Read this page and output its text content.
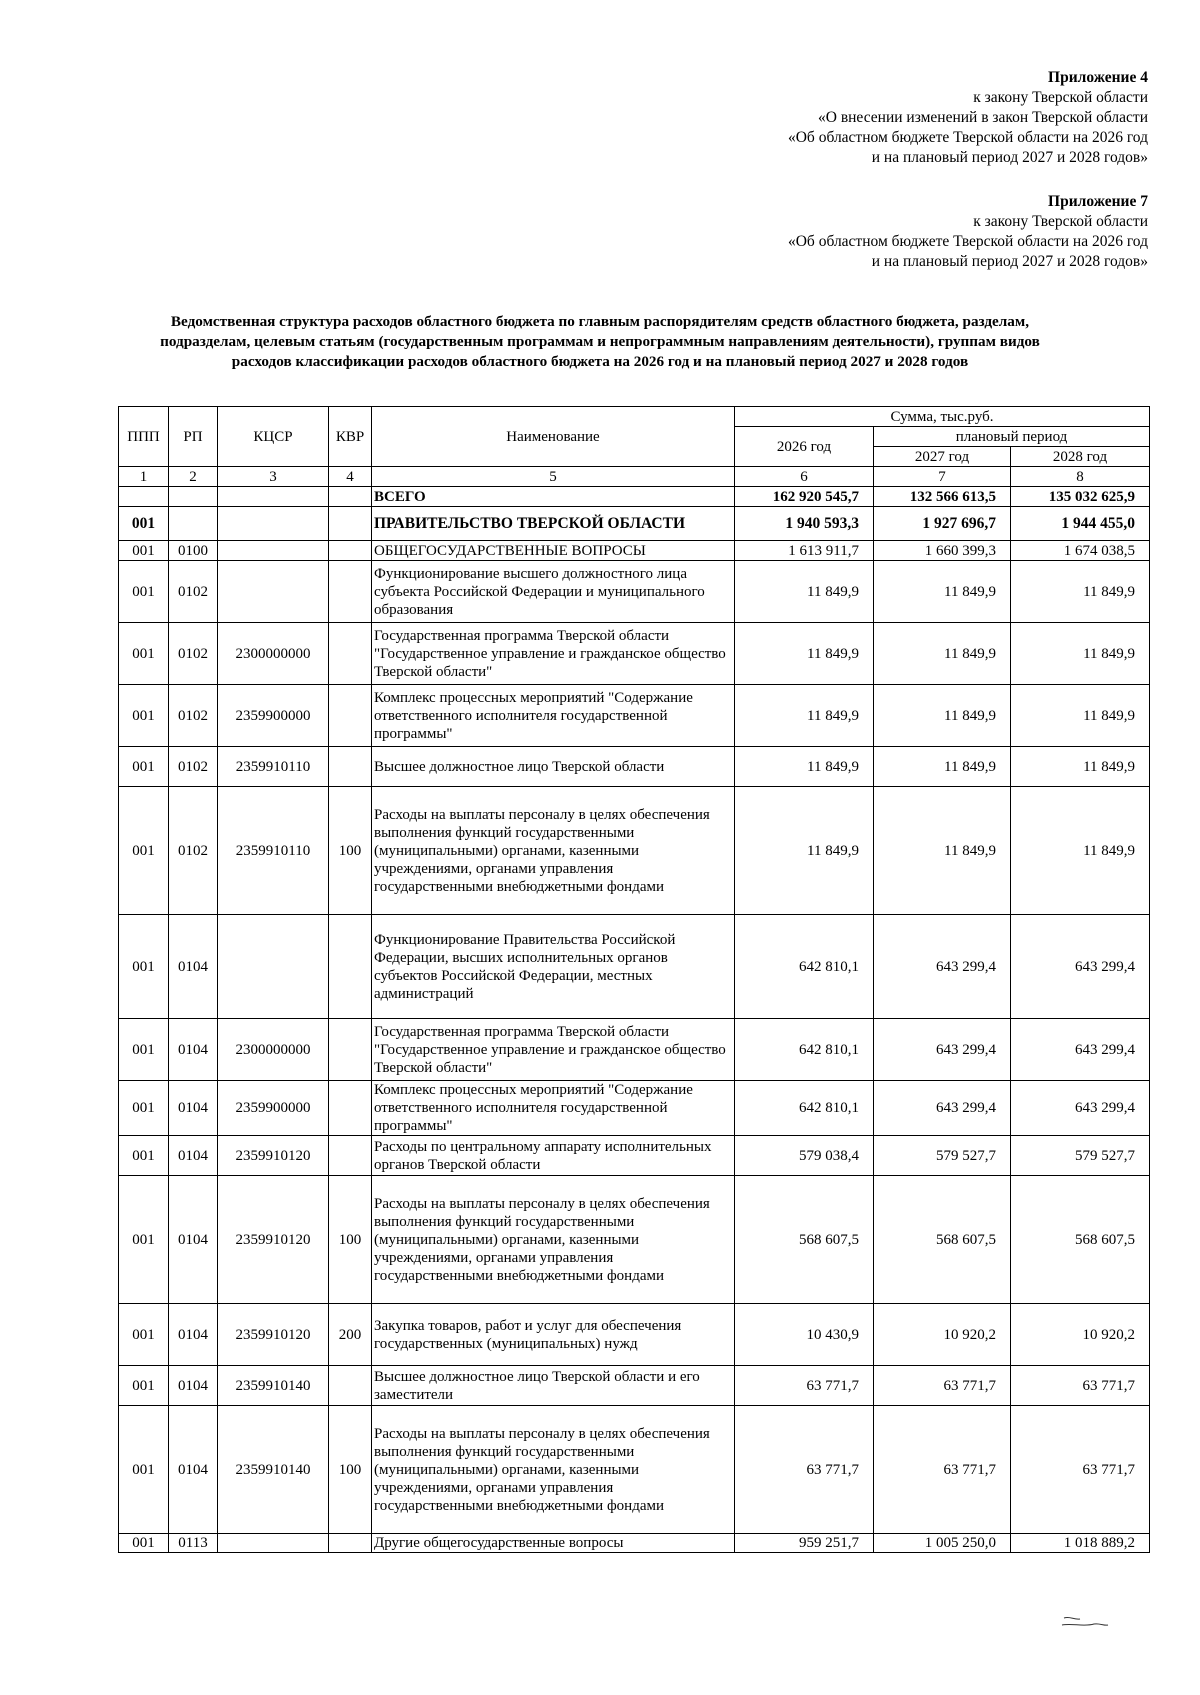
Приложение 4
к закону Тверской области
«О внесении изменений в закон Тверской области
«Об областном бюджете Тверской области на 2026 год
и на плановый период 2027 и 2028 годов»
Приложение 7
к закону Тверской области
«Об областном бюджете Тверской области на 2026 год
и на плановый период 2027 и 2028 годов»
Ведомственная структура расходов областного бюджета по главным распорядителям средств областного бюджета, разделам,
подразделам, целевым статьям (государственным программам и непрограммным направлениям деятельности), группам видов
расходов классификации расходов областного бюджета на 2026 год и на плановый период 2027 и 2028 годов
ППП	РП	КЦСР	КВР	Наименование	Сумма, тыс.руб.		
					2026 год	плановый период	
						2027 год	2028 год
1	2	3	4	5	6	7	8
				ВСЕГО	162 920 545,7	132 566 613,5	135 032 625,9
001				ПРАВИТЕЛЬСТВО ТВЕРСКОЙ ОБЛАСТИ	1 940 593,3	1 927 696,7	1 944 455,0
001	0100			ОБЩЕГОСУДАРСТВЕННЫЕ ВОПРОСЫ	1 613 911,7	1 660 399,3	1 674 038,5
001	0102			Функционирование высшего должностного лица субъекта Российской Федерации и муниципального образования	11 849,9	11 849,9	11 849,9
001	0102	2300000000		Государственная программа Тверской области "Государственное управление и гражданское общество Тверской области"	11 849,9	11 849,9	11 849,9
001	0102	2359900000		Комплекс процессных мероприятий "Содержание ответственного исполнителя государственной программы"	11 849,9	11 849,9	11 849,9
001	0102	2359910110		Высшее должностное лицо Тверской области	11 849,9	11 849,9	11 849,9
001	0102	2359910110	100	Расходы на выплаты персоналу в целях обеспечения выполнения функций государственными (муниципальными) органами, казенными учреждениями, органами управления государственными внебюджетными фондами	11 849,9	11 849,9	11 849,9
001	0104			Функционирование Правительства Российской Федерации, высших исполнительных органов субъектов Российской Федерации, местных администраций	642 810,1	643 299,4	643 299,4
001	0104	2300000000		Государственная программа Тверской области "Государственное управление и гражданское общество Тверской области"	642 810,1	643 299,4	643 299,4
001	0104	2359900000		Комплекс процессных мероприятий "Содержание ответственного исполнителя государственной программы"	642 810,1	643 299,4	643 299,4
001	0104	2359910120		Расходы по центральному аппарату исполнительных органов Тверской области	579 038,4	579 527,7	579 527,7
001	0104	2359910120	100	Расходы на выплаты персоналу в целях обеспечения выполнения функций государственными (муниципальными) органами, казенными учреждениями, органами управления государственными внебюджетными фондами	568 607,5	568 607,5	568 607,5
001	0104	2359910120	200	Закупка товаров, работ и услуг для обеспечения государственных (муниципальных) нужд	10 430,9	10 920,2	10 920,2
001	0104	2359910140		Высшее должностное лицо Тверской области и его заместители	63 771,7	63 771,7	63 771,7
001	0104	2359910140	100	Расходы на выплаты персоналу в целях обеспечения выполнения функций государственными (муниципальными) органами, казенными учреждениями, органами управления государственными внебюджетными фондами	63 771,7	63 771,7	63 771,7
001	0113			Другие общегосударственные вопросы	959 251,7	1 005 250,0	1 018 889,2
